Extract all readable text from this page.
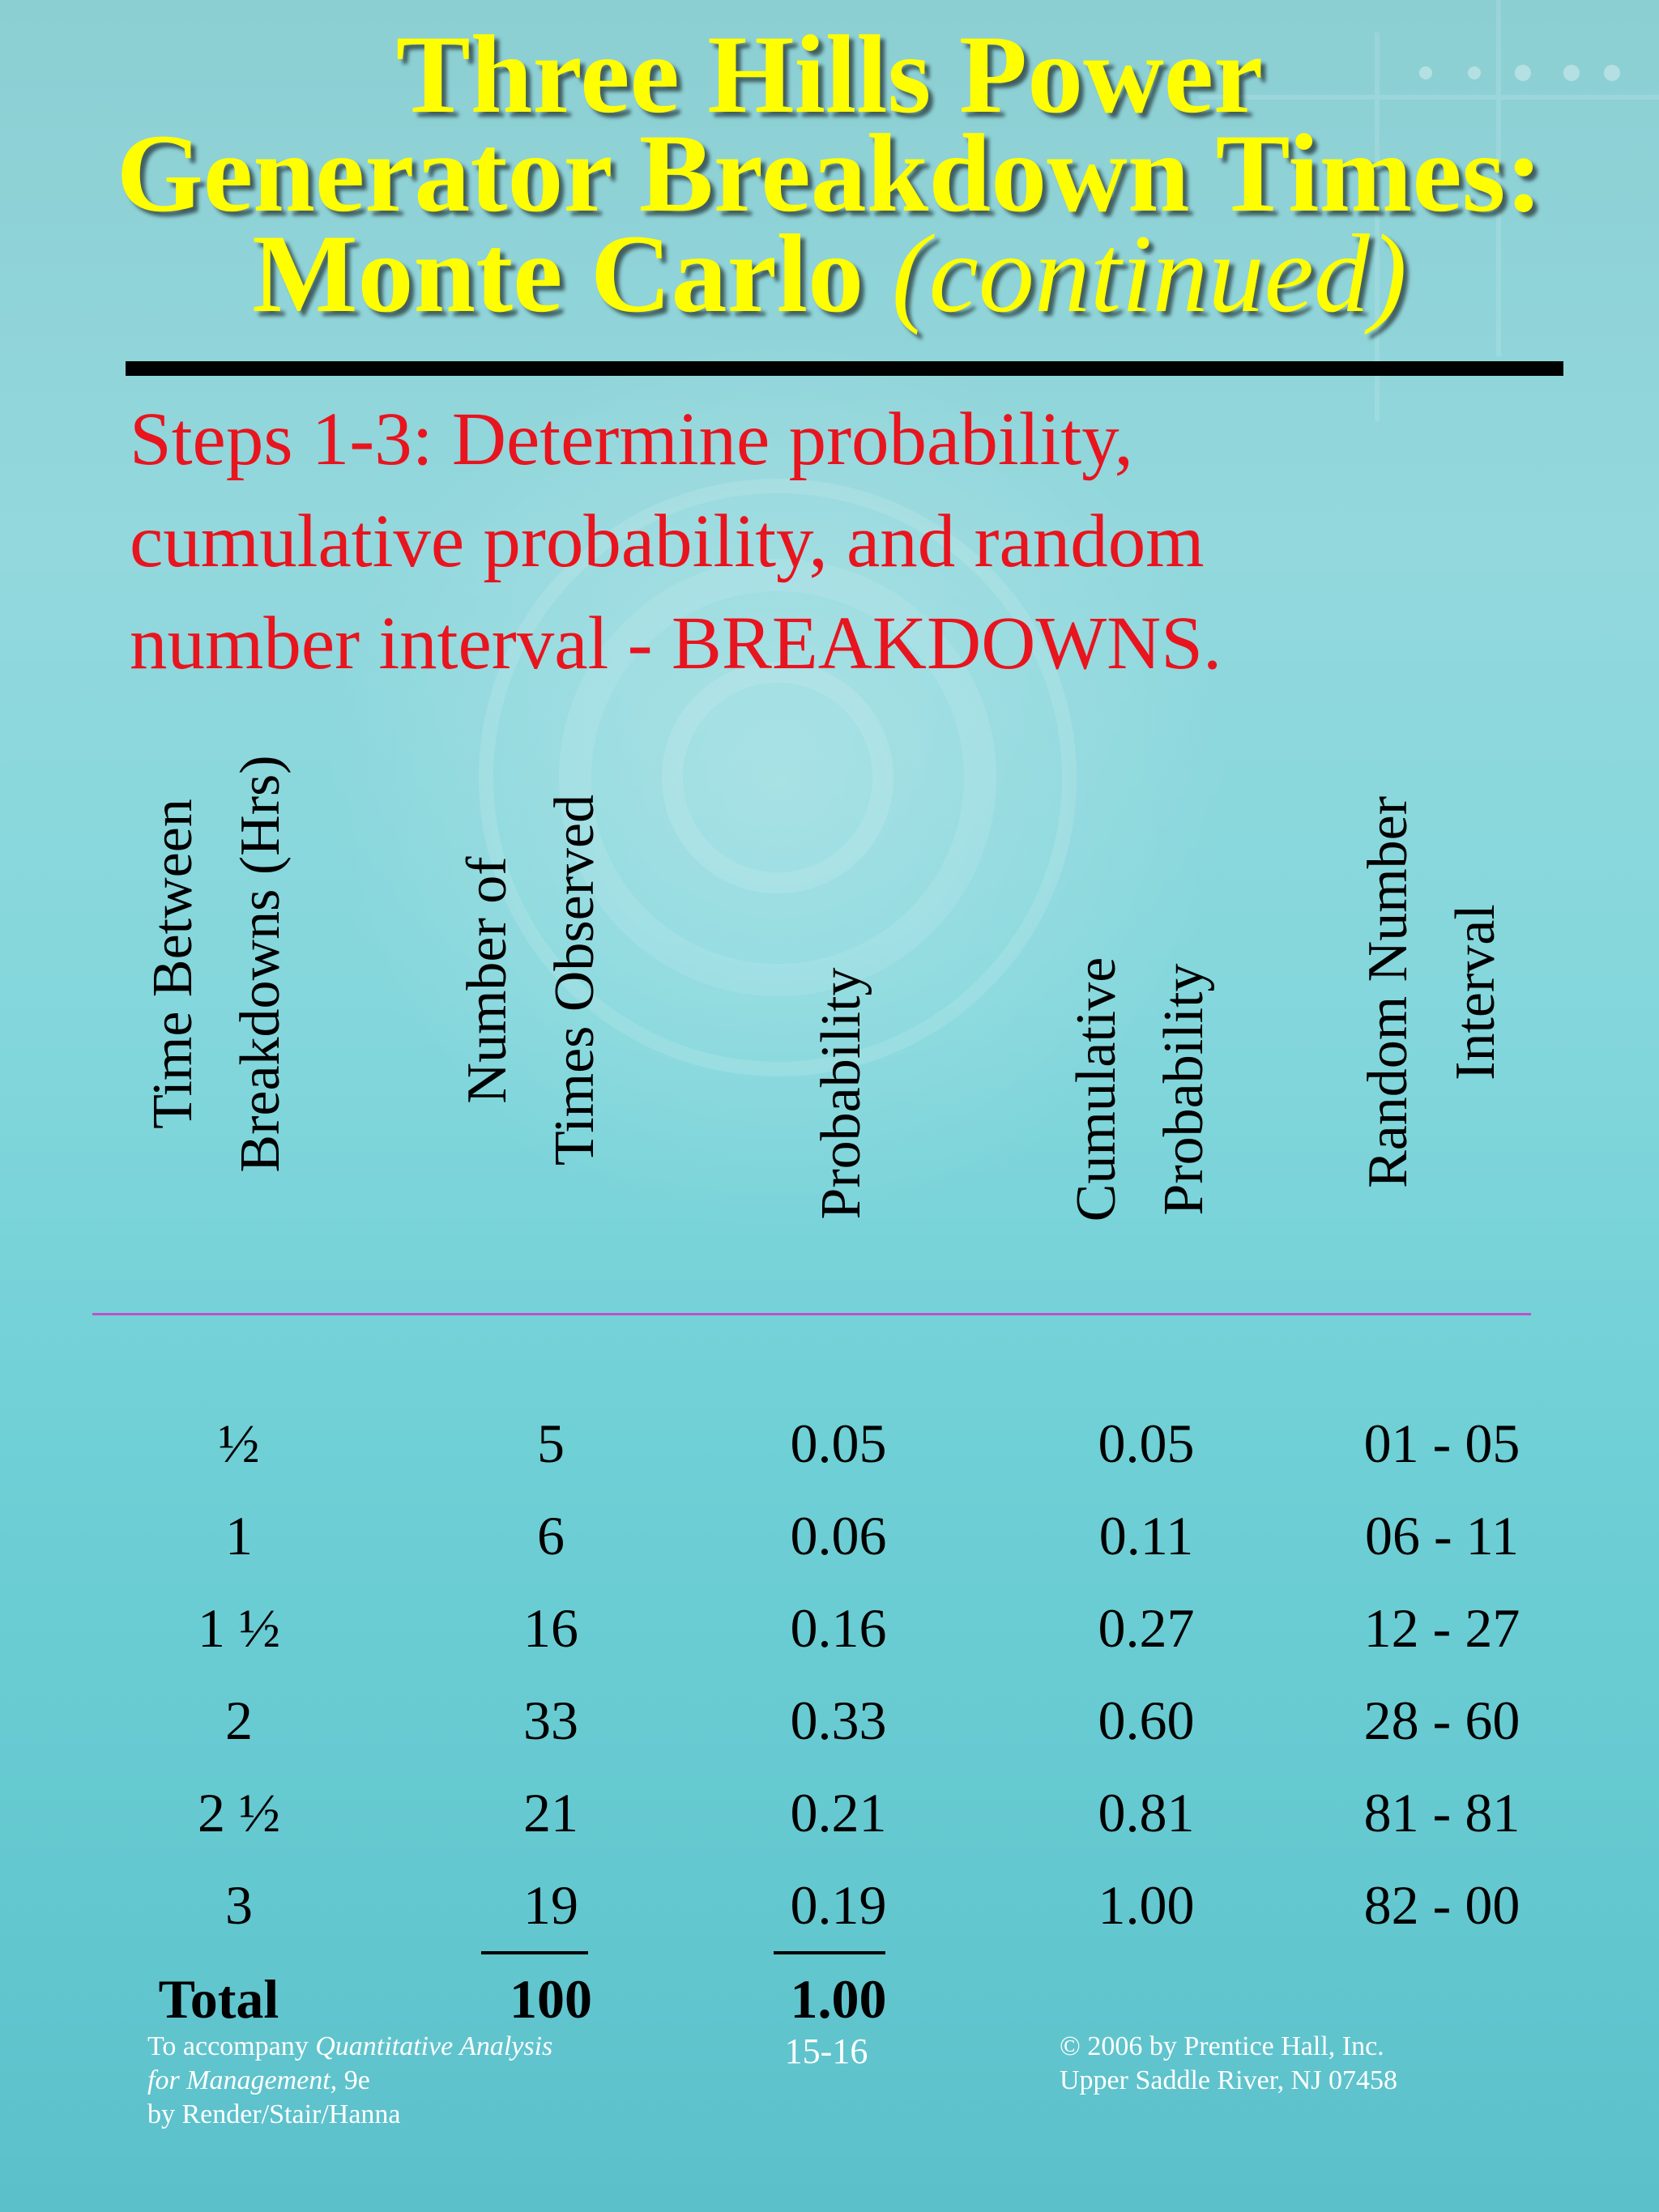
Three Hills Power
Generator Breakdown Times:
Monte Carlo (continued)
Steps 1-3: Determine probability,
cumulative probability, and random
number interval - BREAKDOWNS.
Time Between Breakdowns (Hrs)	Number of Times Observed	Probability	Cumulative Probability	Random Number Interval
½	5	0.05	0.05	01 - 05
1	6	0.06	0.11	06 - 11
1 ½	16	0.16	0.27	12 - 27
2	33	0.33	0.60	28 - 60
2 ½	21	0.21	0.81	81 - 81
3	19	0.19	1.00	82 - 00
Total	100	1.00
To accompany Quantitative Analysis
for Management, 9e
by Render/Stair/Hanna
15-16	© 2006 by Prentice Hall, Inc.
Upper Saddle River, NJ 07458
